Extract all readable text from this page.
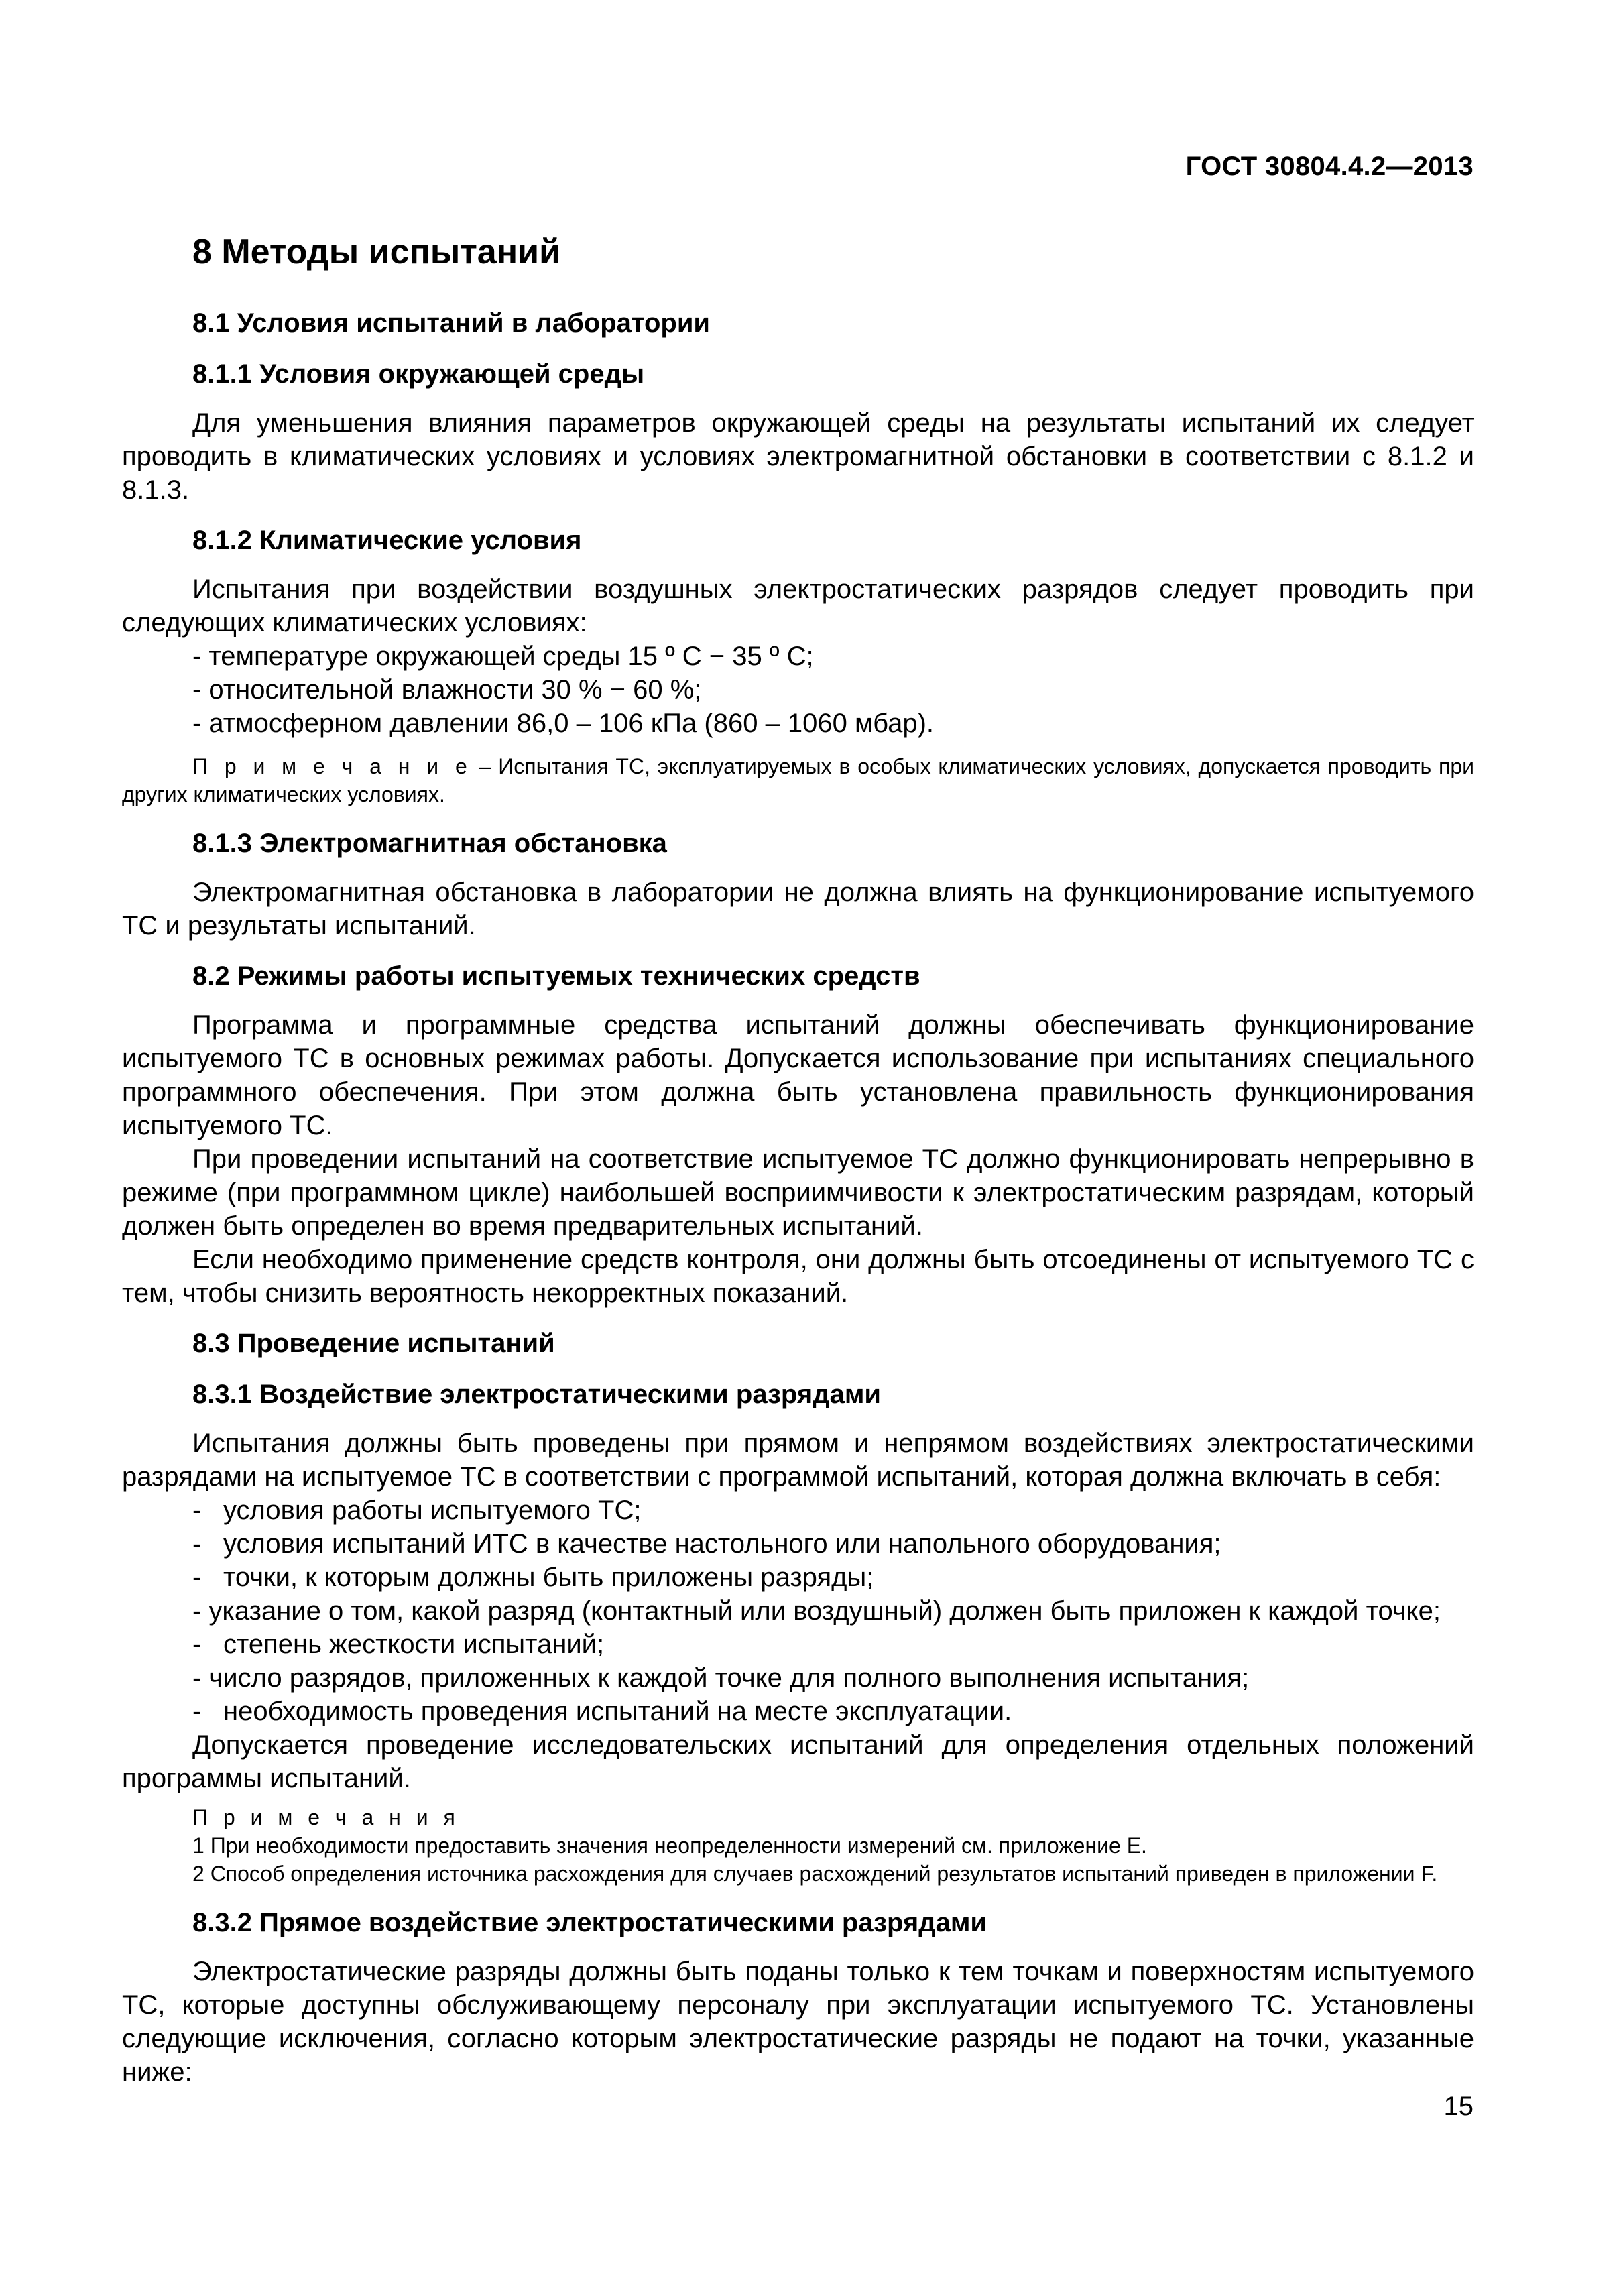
ГОСТ 30804.4.2—2013
8 Методы испытаний
8.1 Условия испытаний в лаборатории
8.1.1 Условия окружающей среды

Для уменьшения влияния параметров окружающей среды на результаты испытаний их следует проводить в климатических условиях и условиях электромагнитной обстановки в соответствии с 8.1.2 и 8.1.3.

8.1.2 Климатические условия

Испытания при воздействии воздушных электростатических разрядов следует проводить при следующих климатических условиях:

- температуре окружающей среды 15 º С − 35 º С;
- относительной влажности 30 % − 60 %;
- атмосферном давлении 86,0 – 106 кПа (860 – 1060 мбар).
П р и м е ч а н и е – Испытания ТС, эксплуатируемых в особых климатических условиях, допускается проводить при других климатических условиях.
8.1.3 Электромагнитная обстановка

Электромагнитная обстановка в лаборатории не должна влиять на функционирование испытуемого ТС и результаты испытаний.

8.2 Режимы работы испытуемых технических средств

Программа и программные средства испытаний должны обеспечивать функционирование испытуемого ТС в основных режимах работы. Допускается использование при испытаниях специального программного обеспечения. При этом должна быть установлена правильность функционирования испытуемого ТС.

При проведении испытаний на соответствие испытуемое ТС должно функционировать непрерывно в режиме (при программном цикле) наибольшей восприимчивости к электростатическим разрядам, который должен быть определен во время предварительных испытаний.

Если необходимо применение средств контроля, они должны быть отсоединены от испытуемого ТС с тем, чтобы снизить вероятность некорректных показаний.

8.3 Проведение испытаний
8.3.1 Воздействие электростатическими разрядами

Испытания должны быть проведены при прямом и непрямом воздействиях электростатическими разрядами на испытуемое ТС в соответствии с программой испытаний, которая должна включать в себя:

- условия работы испытуемого ТС;
- условия испытаний ИТС в качестве настольного или напольного оборудования;
- точки, к которым должны быть приложены разряды;
- указание о том, какой разряд (контактный или воздушный) должен быть приложен к каждой точке;
- степень жесткости испытаний;
- число разрядов, приложенных к каждой точке для полного выполнения испытания;
- необходимость проведения испытаний на месте эксплуатации.

Допускается проведение исследовательских испытаний для определения отдельных положений программы испытаний.

П р и м е ч а н и я
1 При необходимости предоставить значения неопределенности измерений см. приложение Е.
2 Способ определения источника расхождения для случаев расхождений результатов испытаний приведен в приложении F.
8.3.2 Прямое воздействие электростатическими разрядами

Электростатические разряды должны быть поданы только к тем точкам и поверхностям испытуемого ТС, которые доступны обслуживающему персоналу при эксплуатации испытуемого ТС. Установлены следующие исключения, согласно которым электростатические разряды не подают на точки, указанные ниже:

15
